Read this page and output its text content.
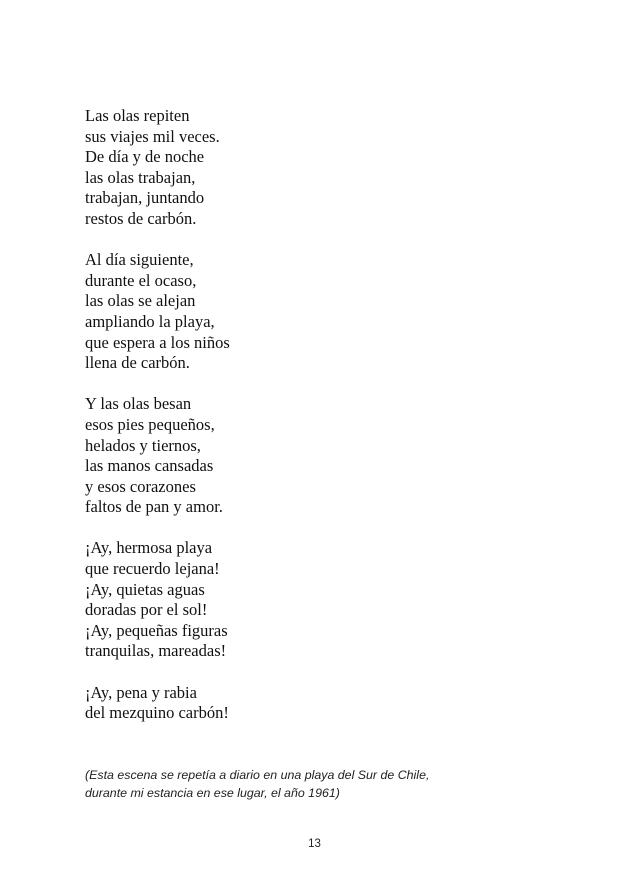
Las olas repiten
sus viajes mil veces.
De día y de noche
las olas trabajan,
trabajan, juntando
restos de carbón.
Al día siguiente,
durante el ocaso,
las olas se alejan
ampliando la playa,
que espera a los niños
llena de carbón.
Y las olas besan
esos pies pequeños,
helados y tiernos,
las manos cansadas
y esos corazones
faltos de pan y amor.
¡Ay, hermosa playa
que recuerdo lejana!
¡Ay, quietas aguas
doradas por el sol!
¡Ay, pequeñas figuras
tranquilas, mareadas!
¡Ay, pena y rabia
del mezquino carbón!
(Esta escena se repetía a diario en una playa del Sur de Chile,
durante mi estancia en ese lugar, el año 1961)
13
